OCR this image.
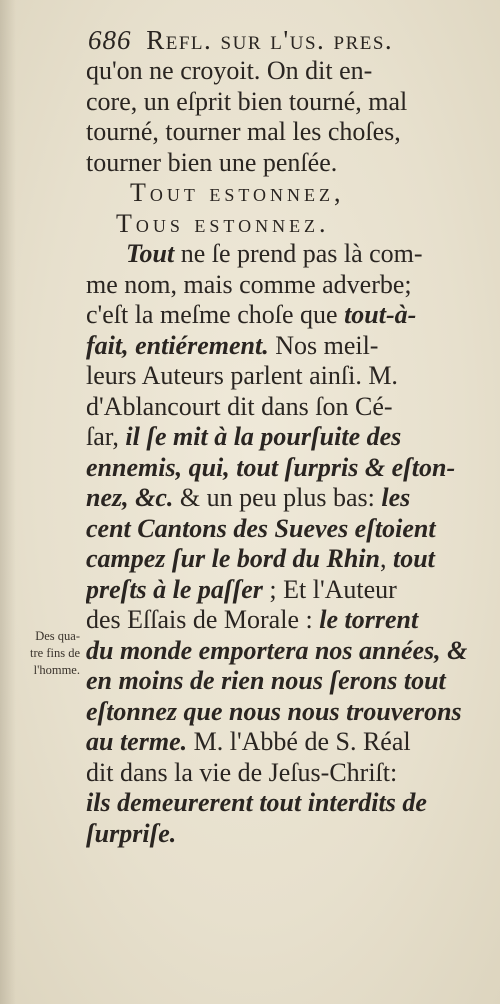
686 Refl. sur l'us. pres.
Des qua-
tre fins de
l'homme.
qu'on ne croyoit. On dit en-
core, un eſprit bien tourné, mal
tourné, tourner mal les choſes,
tourner bien une penſée.
Tout estonnez,
Tous estonnez.
Tout ne ſe prend pas là com-
me nom, mais comme adverbe;
c'eſt la meſme choſe que tout-à-
fait, entiérement. Nos meil-
leurs Auteurs parlent ainſi. M.
d'Ablancourt dit dans ſon Cé-
ſar, il ſe mit à la pourſuite des
ennemis, qui, tout ſurpris & eſton-
nez, &c. & un peu plus bas: les
cent Cantons des Sueves eſtoient
campez ſur le bord du Rhin, tout
preſts à le paſſer ; Et l'Auteur
des Eſſais de Morale : le torrent
du monde emportera nos années, &
en moins de rien nous ſerons tout
eſtonnez que nous nous trouverons
au terme. M. l'Abbé de S. Réal
dit dans la vie de Jeſus-Chriſt:
ils demeurerent tout interdits de
ſurpriſe.
